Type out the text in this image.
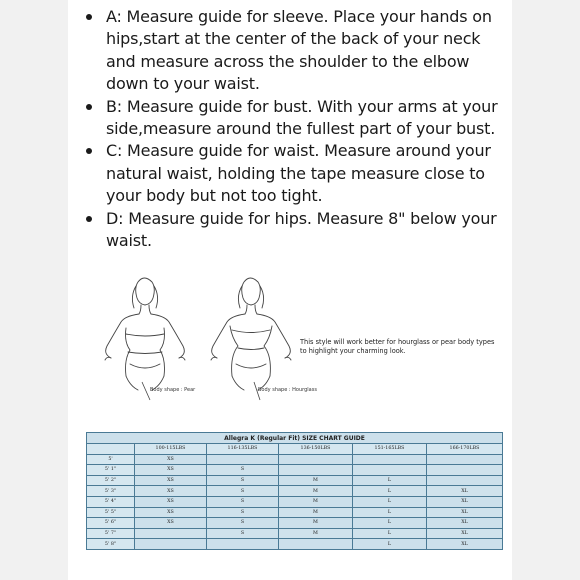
A: Measure guide for sleeve. Place your hands on hips,start at the center of the back of your neck and measure across the shoulder to the elbow down to your waist.
B: Measure guide for bust. With your arms at your side,measure around the fullest part of your bust.
C: Measure guide for waist. Measure around your natural waist, holding the tape measure close to your body but not too tight.
D: Measure guide for hips. Measure 8" below your waist.
Body shape : Pear	Body shape : Hourglass
This style will work better for hourglass or pear body types to highlight your charming look.
Allegra K (Regular Fit) SIZE CHART GUIDE					
	100-115LBS	116-135LBS	136-150LBS	151-165LBS	166-170LBS
5'	XS				
5' 1"	XS	S			
5' 2"	XS	S	M	L	
5' 3"	XS	S	M	L	XL
5' 4"	XS	S	M	L	XL
5' 5"	XS	S	M	L	XL
5' 6"	XS	S	M	L	XL
5' 7"		S	M	L	XL
5' 8"				L	XL
